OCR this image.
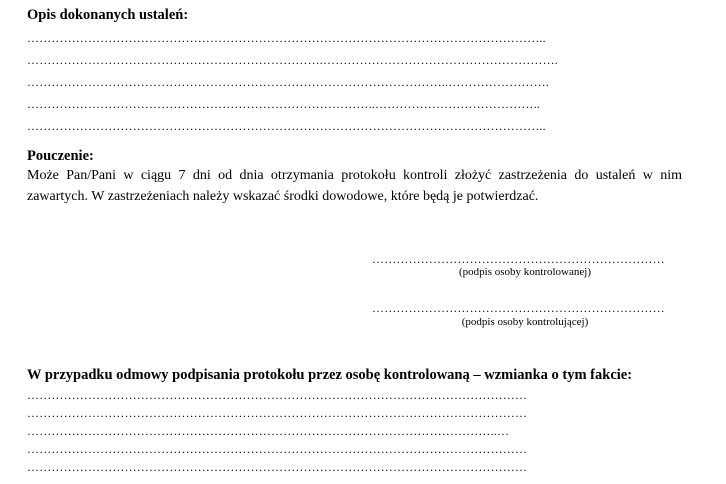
Opis dokonanych ustaleń:
………………………………………………………………………………………………………………..
……………………………………………………………….………………………………………………….
…………………………………………………………………………………………..…………………….
…………………………………………………………………………..…………………………………..
………………………………………………………………………………………………………………..
Pouczenie:
Może Pan/Pani w ciągu 7 dni od dnia otrzymania protokołu kontroli złożyć zastrzeżenia do ustaleń w nim zawartych. W zastrzeżeniach należy wskazać środki dowodowe, które będą je potwierdzać.
………………………………………………………………
(podpis osoby kontrolowanej)
………………………………………………………………
(podpis osoby kontrolującej)
W przypadku odmowy podpisania protokołu przez osobę kontrolowaną – wzmianka o tym fakcie:
……………………………………………………………………………………………………………
……………………………………………………………………………………………………………
……………………………………………………………………………………………………..…
……………………………………………………………………………………………………………
……………………………………………………………………………………………………………
